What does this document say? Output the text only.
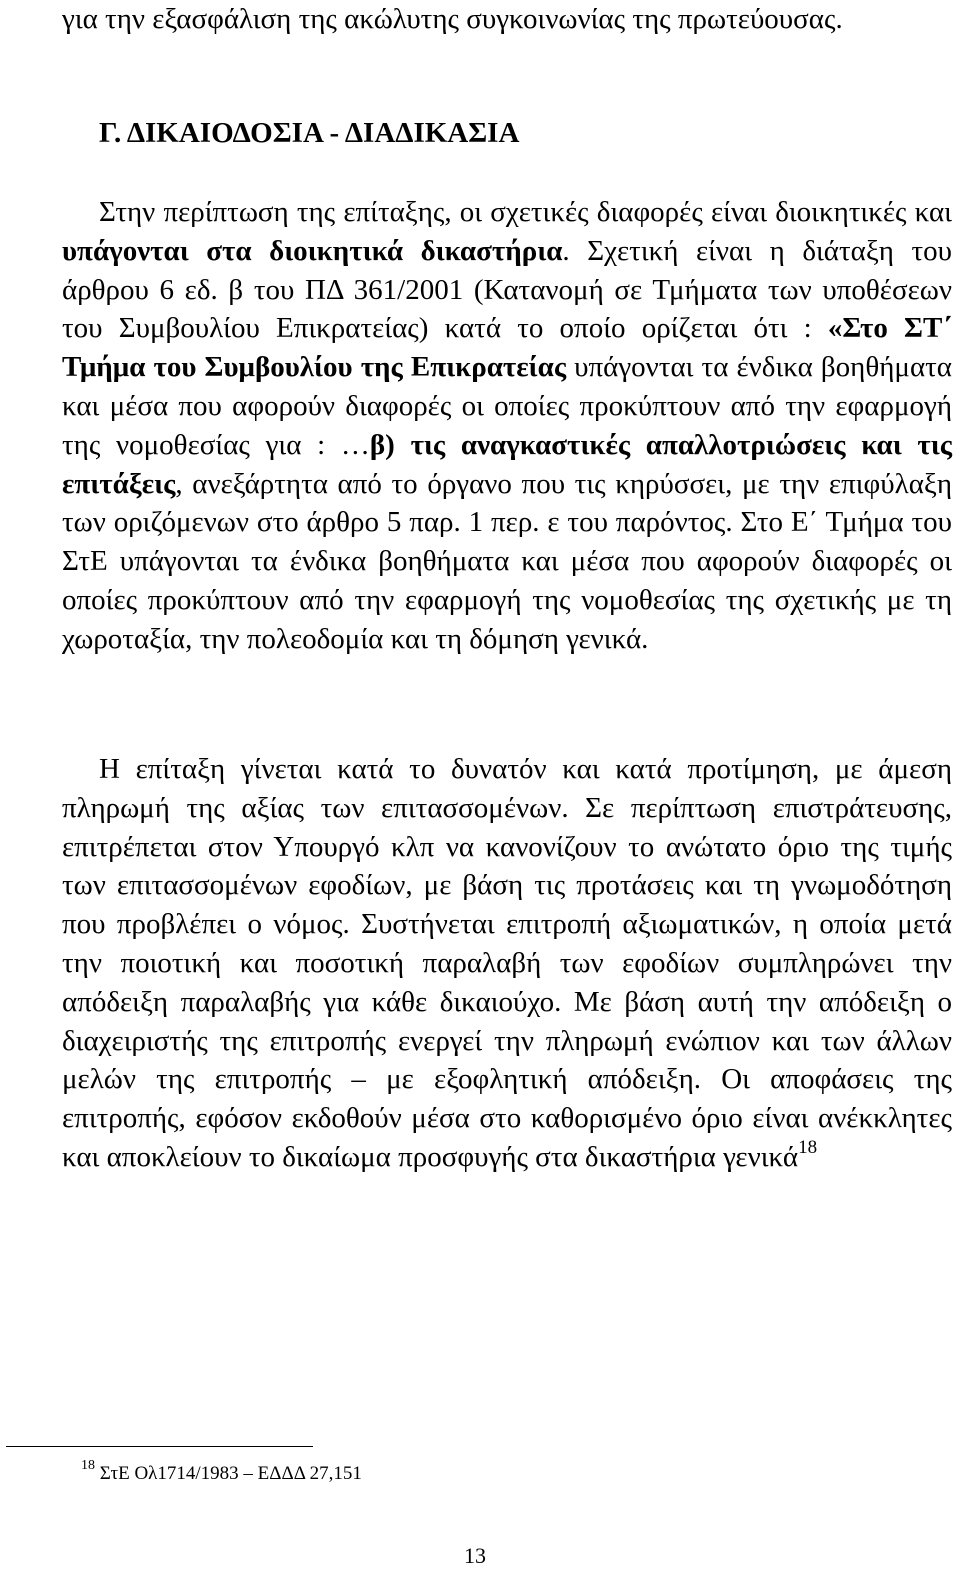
για την εξασφάλιση της ακώλυτης συγκοινωνίας της πρωτεύουσας.

Γ. ΔΙΚΑΙΟΔΟΣΙΑ - ΔΙΑΔΙΚΑΣΙΑ

Στην περίπτωση της επίταξης, οι σχετικές διαφορές είναι διοικητικές και υπάγονται στα διοικητικά δικαστήρια. Σχετική είναι η διάταξη του άρθρου 6 εδ. β του ΠΔ 361/2001 (Κατανομή σε Τμήματα των υποθέσεων του Συμβουλίου Επικρατείας) κατά το οποίο ορίζεται ότι : «Στο ΣΤ΄ Τμήμα του Συμβουλίου της Επικρατείας υπάγονται τα ένδικα βοηθήματα και μέσα που αφορούν διαφορές οι οποίες προκύπτουν από την εφαρμογή της νομοθεσίας για : …β) τις αναγκαστικές απαλλοτριώσεις και τις επιτάξεις, ανεξάρτητα από το όργανο που τις κηρύσσει, με την επιφύλαξη των οριζόμενων στο άρθρο 5 παρ. 1 περ. ε του παρόντος. Στο Ε΄ Τμήμα του ΣτΕ υπάγονται τα ένδικα βοηθήματα και μέσα που αφορούν διαφορές οι οποίες προκύπτουν από την εφαρμογή της νομοθεσίας της σχετικής με τη χωροταξία, την πολεοδομία και τη δόμηση γενικά.

Η επίταξη γίνεται κατά το δυνατόν και κατά προτίμηση, με άμεση πληρωμή της αξίας των επιτασσομένων. Σε περίπτωση επιστράτευσης, επιτρέπεται στον Υπουργό κλπ να κανονίζουν το ανώτατο όριο της τιμής των επιτασσομένων εφοδίων, με βάση τις προτάσεις και τη γνωμοδότηση που προβλέπει ο νόμος. Συστήνεται επιτροπή αξιωματικών, η οποία μετά την ποιοτική και ποσοτική παραλαβή των εφοδίων συμπληρώνει την απόδειξη παραλαβής για κάθε δικαιούχο. Με βάση αυτή την απόδειξη ο διαχειριστής της επιτροπής ενεργεί την πληρωμή ενώπιον και των άλλων μελών της επιτροπής – με εξοφλητική απόδειξη. Οι αποφάσεις της επιτροπής, εφόσον εκδοθούν μέσα στο καθορισμένο όριο είναι ανέκκλητες και αποκλείουν το δικαίωμα προσφυγής στα δικαστήρια γενικά$^{18}$

$^{18}$ ΣτΕ Ολ1714/1983 – ΕΔΔΔ 27,151

13
